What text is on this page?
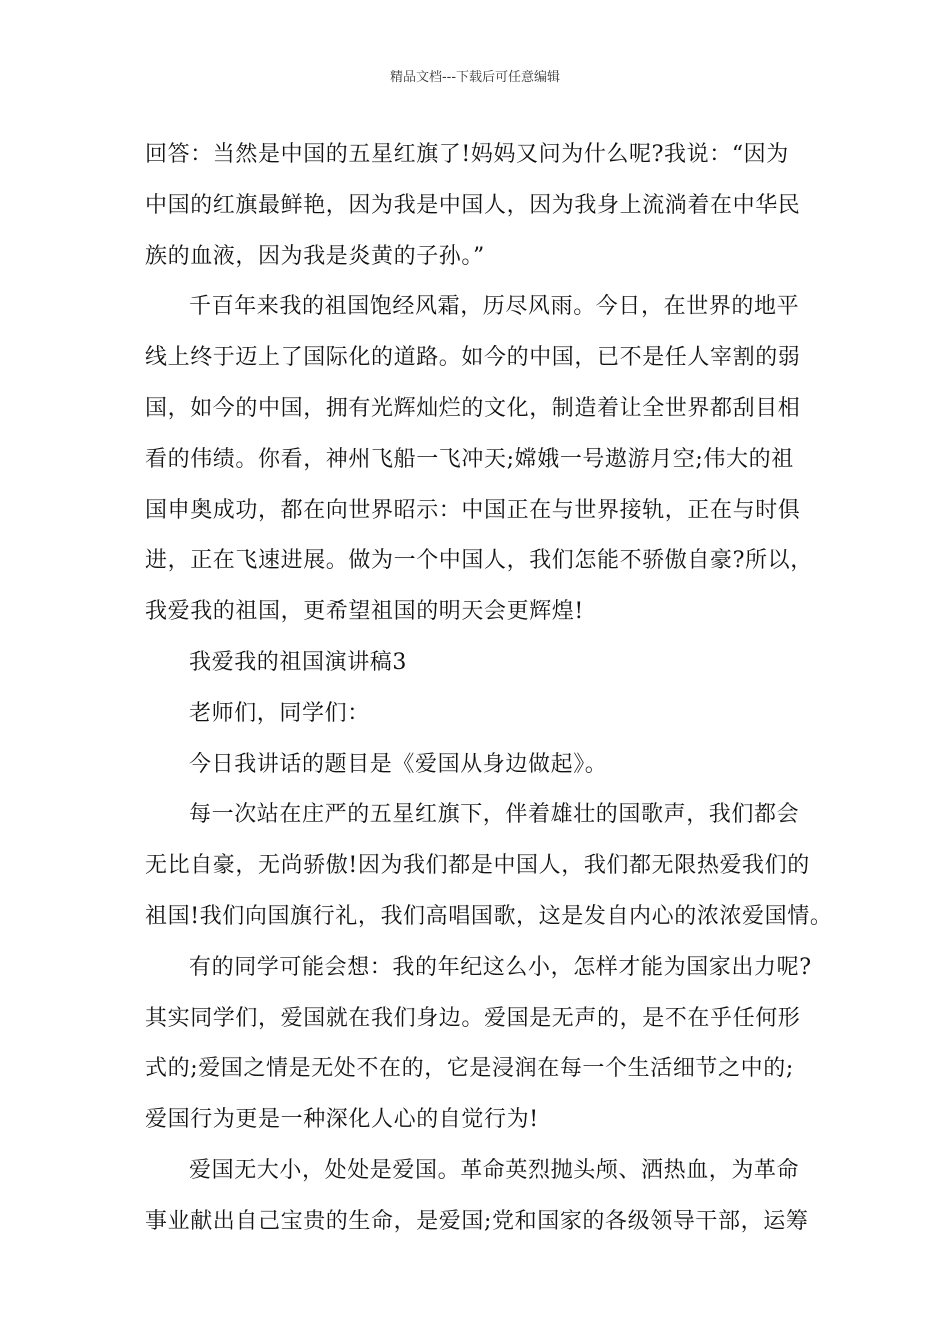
精品文档---下载后可任意编辑
回答：当然是中国的五星红旗了!妈妈又问为什么呢?我说：“因为
中国的红旗最鲜艳，因为我是中国人，因为我身上流淌着在中华民
族的血液，因为我是炎黄的子孙。”
千百年来我的祖国饱经风霜，历尽风雨。今日，在世界的地平
线上终于迈上了国际化的道路。如今的中国，已不是任人宰割的弱
国，如今的中国，拥有光辉灿烂的文化，制造着让全世界都刮目相
看的伟绩。你看，神州飞船一飞冲天;嫦娥一号遨游月空;伟大的祖
国申奥成功，都在向世界昭示：中国正在与世界接轨，正在与时俱
进，正在飞速进展。做为一个中国人，我们怎能不骄傲自豪?所以，
我爱我的祖国，更希望祖国的明天会更辉煌!
我爱我的祖国演讲稿3
老师们，同学们：
今日我讲话的题目是《爱国从身边做起》。
每一次站在庄严的五星红旗下，伴着雄壮的国歌声，我们都会
无比自豪，无尚骄傲!因为我们都是中国人，我们都无限热爱我们的
祖国!我们向国旗行礼，我们高唱国歌，这是发自内心的浓浓爱国情。
有的同学可能会想：我的年纪这么小，怎样才能为国家出力呢?
其实同学们，爱国就在我们身边。爱国是无声的，是不在乎任何形
式的;爱国之情是无处不在的，它是浸润在每一个生活细节之中的;
爱国行为更是一种深化人心的自觉行为!
爱国无大小，处处是爱国。革命英烈抛头颅、洒热血，为革命
事业献出自己宝贵的生命，是爱国;党和国家的各级领导干部，运筹
